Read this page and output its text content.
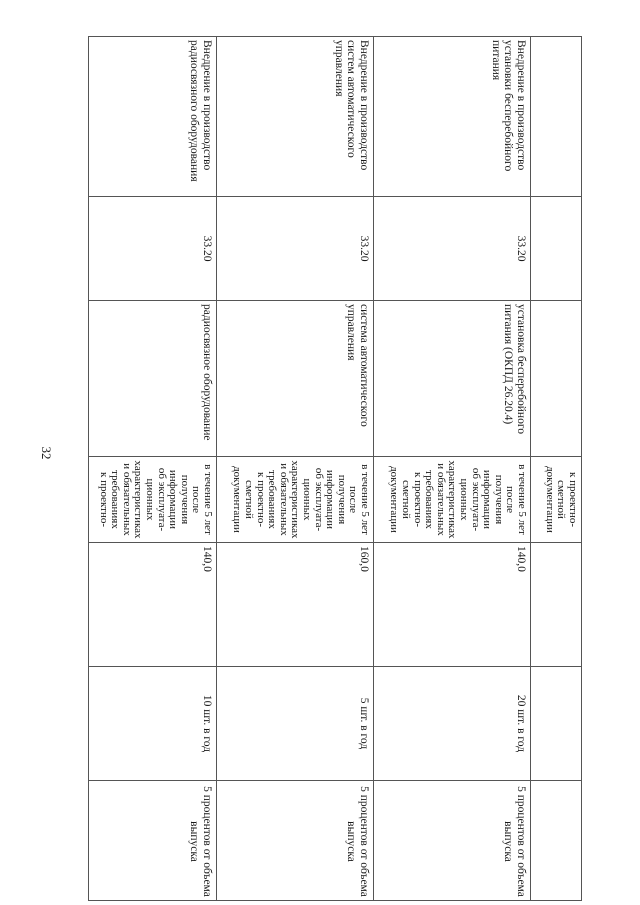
32
к проектно-
сметной
документации
Внедрение в производство установки бесперебойного питания
33.20
установка бесперебойного питания (ОКПД 26.20.4)
в течение 5 лет
после
получения
информации
об эксплуата-
ционных
характеристиках
и обязательных
требованиях
к проектно-
сметной
документации
140,0
20 шт. в год
5 процентов от объема выпуска
Внедрение в производство систем автоматического управления
33.20
система автоматического управления
в течение 5 лет
после
получения
информации
об эксплуата-
ционных
характеристиках
и обязательных
требованиях
к проектно-
сметной
документации
160,0
5 шт. в год
5 процентов от объема выпуска
Внедрение в производство радиосвязного оборудования
33.20
радиосвязное оборудование
в течение 5 лет
после
получения
информации
об эксплуата-
ционных
характеристиках
и обязательных
требованиях
к проектно-
140,0
10 шт. в год
5 процентов от объема выпуска
